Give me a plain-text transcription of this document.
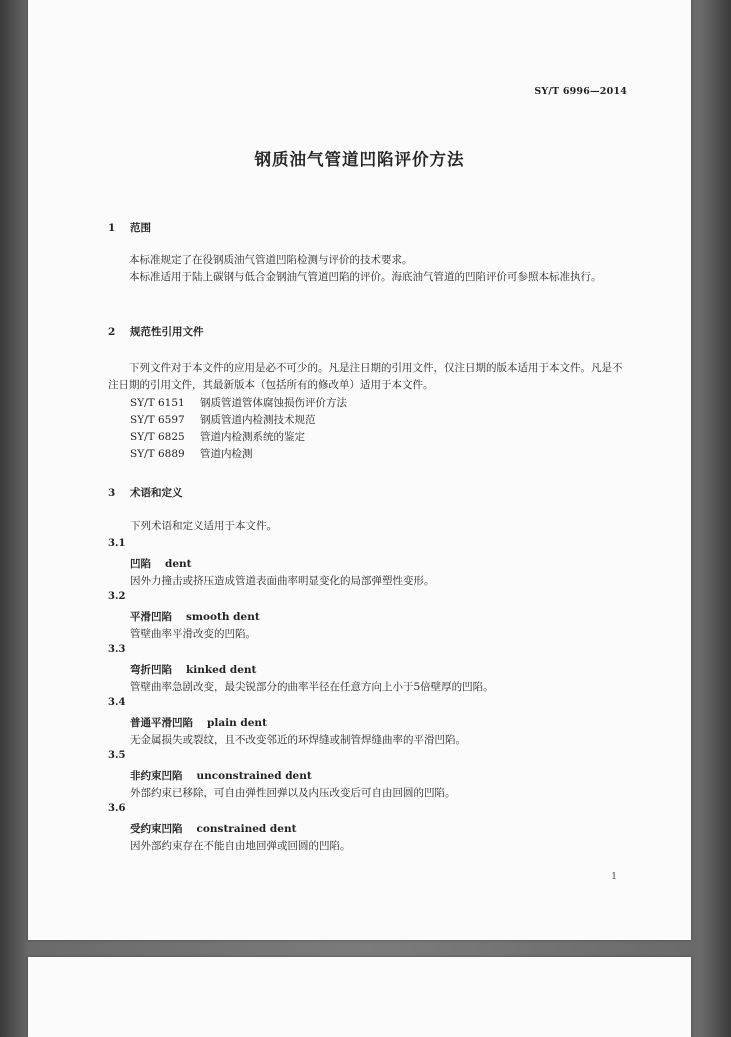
SY/T 6996—2014
钢质油气管道凹陷评价方法
1 范围
本标准规定了在役钢质油气管道凹陷检测与评价的技术要求。
本标准适用于陆上碳钢与低合金钢油气管道凹陷的评价。海底油气管道的凹陷评价可参照本标准执行。
2 规范性引用文件
下列文件对于本文件的应用是必不可少的。凡是注日期的引用文件，仅注日期的版本适用于本文件。凡是不注日期的引用文件，其最新版本（包括所有的修改单）适用于本文件。
SY/T 6151 钢质管道管体腐蚀损伤评价方法
SY/T 6597 钢质管道内检测技术规范
SY/T 6825 管道内检测系统的鉴定
SY/T 6889 管道内检测
3 术语和定义
下列术语和定义适用于本文件。
3.1
凹陷 dent
因外力撞击或挤压造成管道表面曲率明显变化的局部弹塑性变形。
3.2
平滑凹陷 smooth dent
管壁曲率平滑改变的凹陷。
3.3
弯折凹陷 kinked dent
管壁曲率急剧改变，最尖锐部分的曲率半径在任意方向上小于5倍壁厚的凹陷。
3.4
普通平滑凹陷 plain dent
无金属损失或裂纹，且不改变邻近的环焊缝或制管焊缝曲率的平滑凹陷。
3.5
非约束凹陷 unconstrained dent
外部约束已移除，可自由弹性回弹以及内压改变后可自由回圆的凹陷。
3.6
受约束凹陷 constrained dent
因外部约束存在不能自由地回弹或回圆的凹陷。
1
